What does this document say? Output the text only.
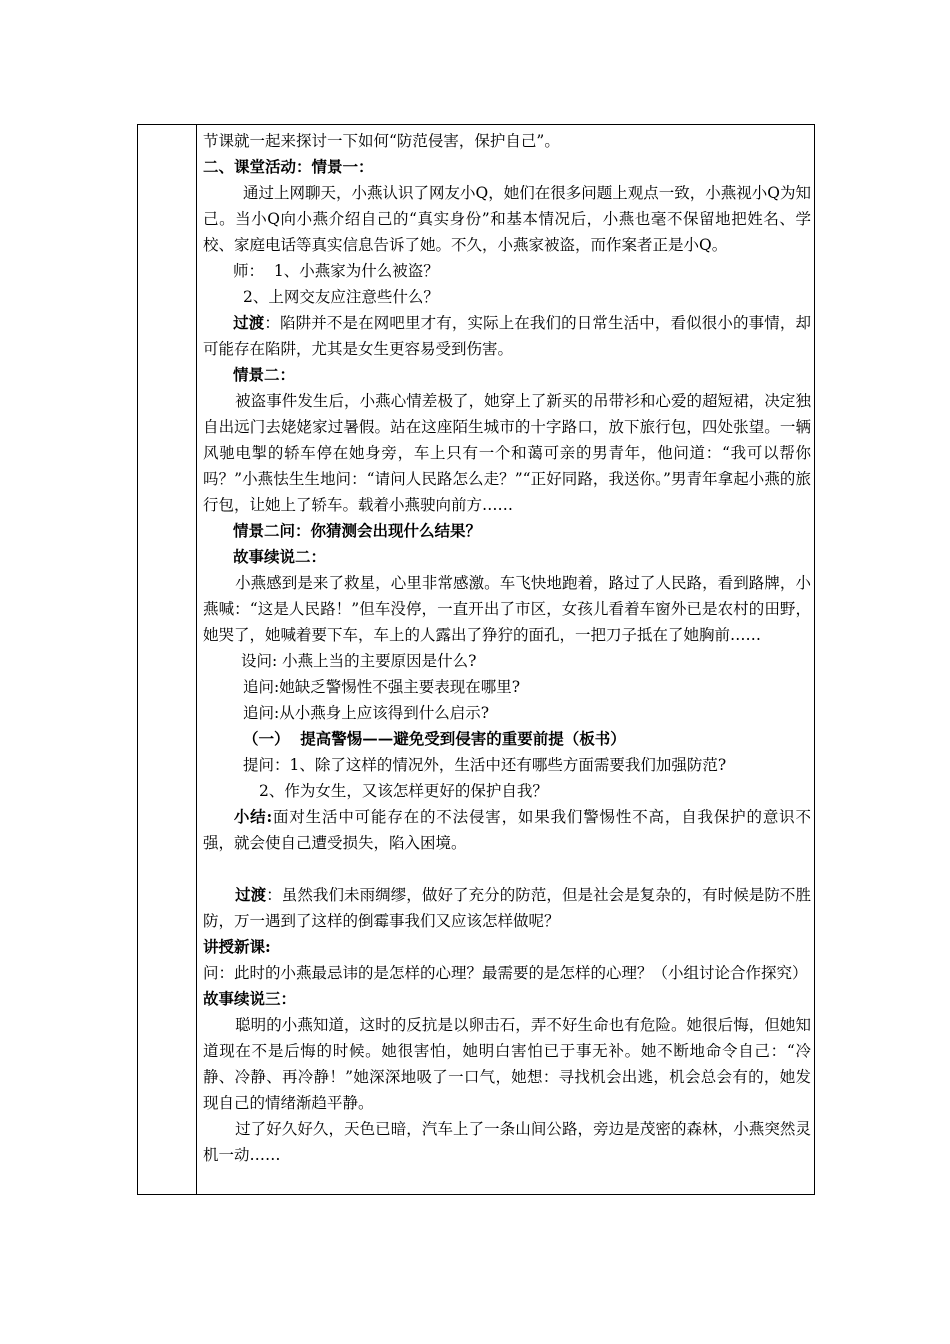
节课就一起来探讨一下如何“防范侵害，保护自己”。

二、课堂活动：情景一：

通过上网聊天，小燕认识了网友小Q，她们在很多问题上观点一致，小燕视小Q为知己。当小Q向小燕介绍自己的“真实身份”和基本情况后，小燕也毫不保留地把姓名、学校、家庭电话等真实信息告诉了她。不久，小燕家被盗，而作案者正是小Q。

师：  1、小燕家为什么被盗？

2、上网交友应注意些什么？

过渡：陷阱并不是在网吧里才有，实际上在我们的日常生活中，看似很小的事情，却可能存在陷阱，尤其是女生更容易受到伤害。

情景二：

被盗事件发生后，小燕心情差极了，她穿上了新买的吊带衫和心爱的超短裙，决定独自出远门去姥姥家过暑假。站在这座陌生城市的十字路口，放下旅行包，四处张望。一辆风驰电掣的轿车停在她身旁，车上只有一个和蔼可亲的男青年，他问道：“我可以帮你吗？”小燕怯生生地问：“请问人民路怎么走？”“正好同路，我送你。”男青年拿起小燕的旅行包，让她上了轿车。载着小燕驶向前方……

情景二问：你猜测会出现什么结果？

故事续说二：

小燕感到是来了救星，心里非常感激。车飞快地跑着，路过了人民路，看到路牌，小燕喊：“这是人民路！”但车没停，一直开出了市区，女孩儿看着车窗外已是农村的田野，她哭了，她喊着要下车，车上的人露出了狰狞的面孔，一把刀子抵在了她胸前……

设问: 小燕上当的主要原因是什么?

追问:她缺乏警惕性不强主要表现在哪里?

追问:从小燕身上应该得到什么启示?

（一）  提高警惕——避免受到侵害的重要前提（板书）

提问：1、除了这样的情况外，生活中还有哪些方面需要我们加强防范?

2、作为女生，又该怎样更好的保护自我？

小结:面对生活中可能存在的不法侵害，如果我们警惕性不高，自我保护的意识不强，就会使自己遭受损失，陷入困境。

过渡：虽然我们未雨绸缪，做好了充分的防范，但是社会是复杂的，有时候是防不胜防，万一遇到了这样的倒霉事我们又应该怎样做呢？

讲授新课:

问：此时的小燕最忌讳的是怎样的心理？最需要的是怎样的心理？（小组讨论合作探究）

故事续说三：

聪明的小燕知道，这时的反抗是以卵击石，弄不好生命也有危险。她很后悔，但她知道现在不是后悔的时候。她很害怕，她明白害怕已于事无补。她不断地命令自己：“冷静、冷静、再冷静！”她深深地吸了一口气，她想：寻找机会出逃，机会总会有的，她发现自己的情绪渐趋平静。

过了好久好久，天色已暗，汽车上了一条山间公路，旁边是茂密的森林，小燕突然灵机一动……
